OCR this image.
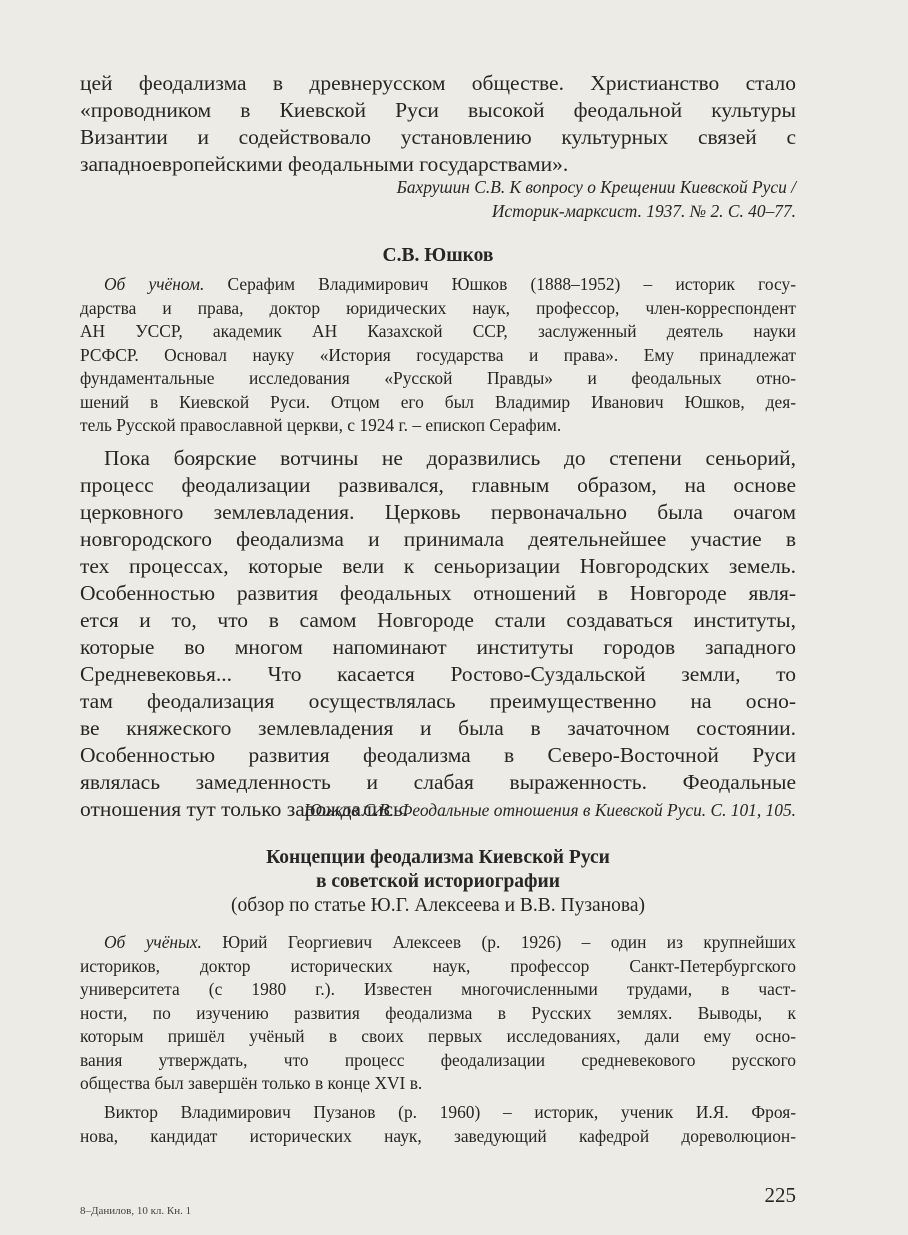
цей феодализма в древнерусском обществе. Христианство стало
«проводником в Киевской Руси высокой феодальной культуры
Византии и содействовало установлению культурных связей с
западноевропейскими феодальными государствами».

Бахрушин С.В. К вопросу о Крещении Киевской Руси /
Историк-марксист. 1937. № 2. С. 40–77.

С.В. Юшков

Об учёном. Серафим Владимирович Юшков (1888–1952) – историк госу-
дарства и права, доктор юридических наук, профессор, член-корреспондент
АН УССР, академик АН Казахской ССР, заслуженный деятель науки
РСФСР. Основал науку «История государства и права». Ему принадлежат
фундаментальные исследования «Русской Правды» и феодальных отно-
шений в Киевской Руси. Отцом его был Владимир Иванович Юшков, дея-
тель Русской православной церкви, с 1924 г. – епископ Серафим.

Пока боярские вотчины не доразвились до степени сеньорий,
процесс феодализации развивался, главным образом, на основе
церковного землевладения. Церковь первоначально была очагом
новгородского феодализма и принимала деятельнейшее участие в
тех процессах, которые вели к сеньоризации Новгородских земель.
Особенностью развития феодальных отношений в Новгороде явля-
ется и то, что в самом Новгороде стали создаваться институты,
которые во многом напоминают институты городов западного
Средневековья... Что касается Ростово-Суздальской земли, то
там феодализация осуществлялась преимущественно на осно-
ве княжеского землевладения и была в зачаточном состоянии.
Особенностью развития феодализма в Северо-Восточной Руси
являлась замедленность и слабая выраженность. Феодальные
отношения тут только зарождались.

Юшков С.В. Феодальные отношения в Киевской Руси. С. 101, 105.

Концепции феодализма Киевской Руси

в советской историографии

(обзор по статье Ю.Г. Алексеева и В.В. Пузанова)

Об учёных. Юрий Георгиевич Алексеев (р. 1926) – один из крупнейших
историков, доктор исторических наук, профессор Санкт-Петербургского
университета (с 1980 г.). Известен многочисленными трудами, в част-
ности, по изучению развития феодализма в Русских землях. Выводы, к
которым пришёл учёный в своих первых исследованиях, дали ему осно-
вания утверждать, что процесс феодализации средневекового русского
общества был завершён только в конце XVI в.

Виктор Владимирович Пузанов (р. 1960) – историк, ученик И.Я. Фроя-
нова, кандидат исторических наук, заведующий кафедрой дореволюцион-

8–Данилов, 10 кл. Кн. 1
225
